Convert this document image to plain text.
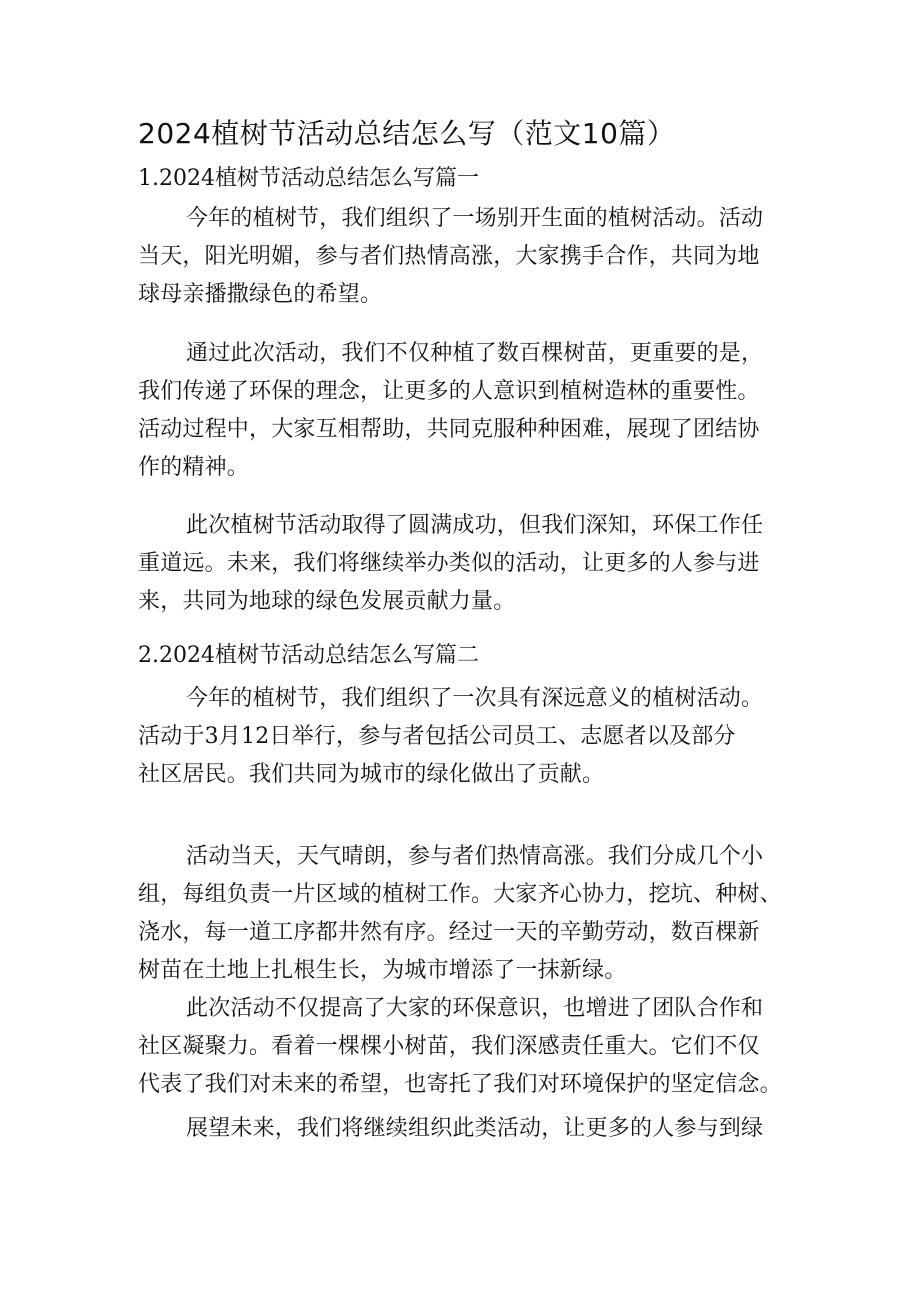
2024植树节活动总结怎么写（范文10篇）
1.2024植树节活动总结怎么写篇一

今年的植树节，我们组织了一场别开生面的植树活动。活动
当天，阳光明媚，参与者们热情高涨，大家携手合作，共同为地
球母亲播撒绿色的希望。

通过此次活动，我们不仅种植了数百棵树苗，更重要的是，
我们传递了环保的理念，让更多的人意识到植树造林的重要性。
活动过程中，大家互相帮助，共同克服种种困难，展现了团结协
作的精神。

此次植树节活动取得了圆满成功，但我们深知，环保工作任
重道远。未来，我们将继续举办类似的活动，让更多的人参与进
来，共同为地球的绿色发展贡献力量。

2.2024植树节活动总结怎么写篇二

今年的植树节，我们组织了一次具有深远意义的植树活动。
活动于3月12日举行，参与者包括公司员工、志愿者以及部分
社区居民。我们共同为城市的绿化做出了贡献。

活动当天，天气晴朗，参与者们热情高涨。我们分成几个小
组，每组负责一片区域的植树工作。大家齐心协力，挖坑、种树、
浇水，每一道工序都井然有序。经过一天的辛勤劳动，数百棵新
树苗在土地上扎根生长，为城市增添了一抹新绿。

此次活动不仅提高了大家的环保意识，也增进了团队合作和
社区凝聚力。看着一棵棵小树苗，我们深感责任重大。它们不仅
代表了我们对未来的希望，也寄托了我们对环境保护的坚定信念。

展望未来，我们将继续组织此类活动，让更多的人参与到绿
